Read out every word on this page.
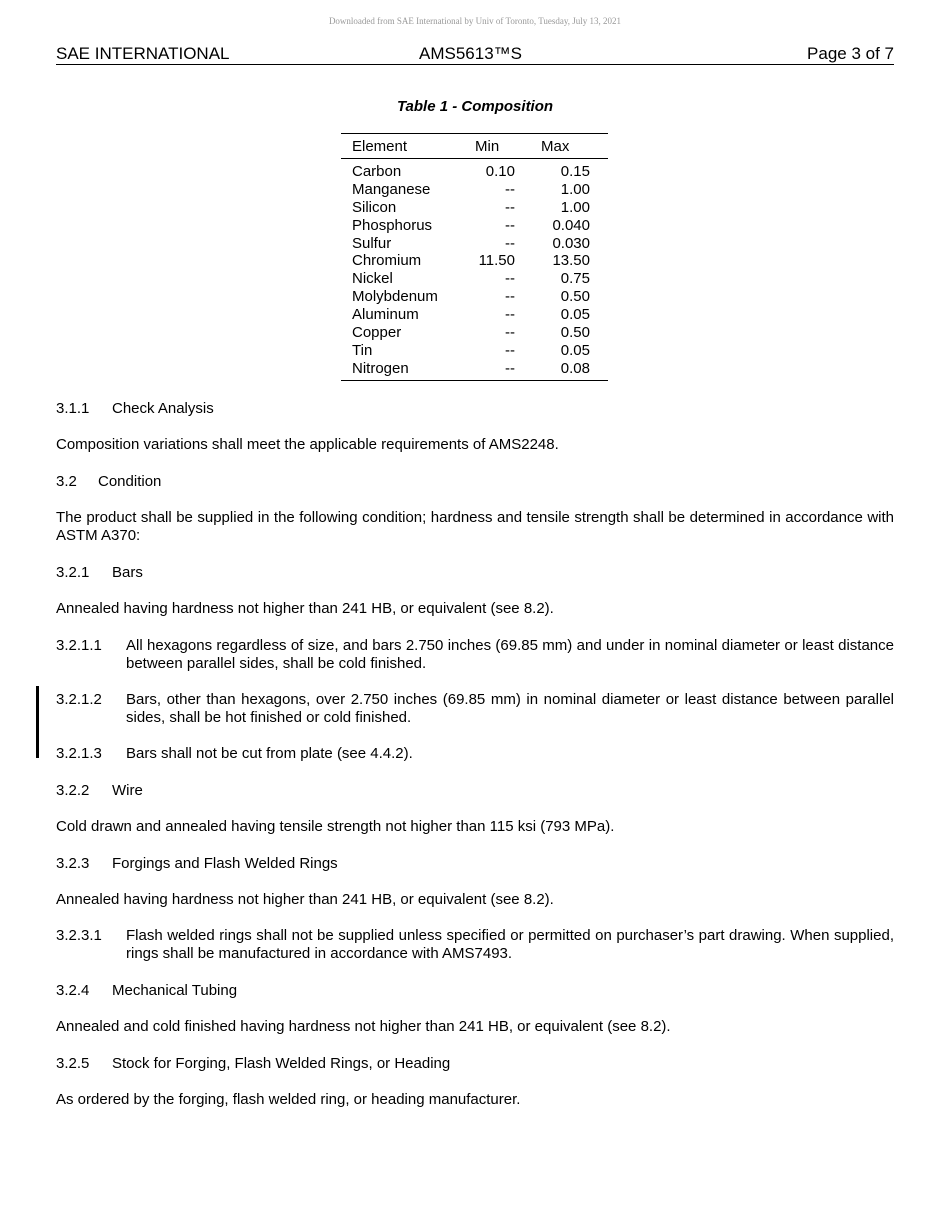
Downloaded from SAE International by Univ of Toronto, Tuesday, July 13, 2021
SAE INTERNATIONAL	AMS5613™S	Page 3 of 7
Table 1 - Composition
Element	Min	Max
Carbon	0.10	0.15
Manganese	--	1.00
Silicon	--	1.00
Phosphorus	--	0.040
Sulfur	--	0.030
Chromium	11.50	13.50
Nickel	--	0.75
Molybdenum	--	0.50
Aluminum	--	0.05
Copper	--	0.50
Tin	--	0.05
Nitrogen	--	0.08
3.1.1 Check Analysis
Composition variations shall meet the applicable requirements of AMS2248.
3.2 Condition
The product shall be supplied in the following condition; hardness and tensile strength shall be determined in accordance with ASTM A370:
3.2.1 Bars
Annealed having hardness not higher than 241 HB, or equivalent (see 8.2).
3.2.1.1 All hexagons regardless of size, and bars 2.750 inches (69.85 mm) and under in nominal diameter or least distance between parallel sides, shall be cold finished.
3.2.1.2 Bars, other than hexagons, over 2.750 inches (69.85 mm) in nominal diameter or least distance between parallel sides, shall be hot finished or cold finished.
3.2.1.3 Bars shall not be cut from plate (see 4.4.2).
3.2.2 Wire
Cold drawn and annealed having tensile strength not higher than 115 ksi (793 MPa).
3.2.3 Forgings and Flash Welded Rings
Annealed having hardness not higher than 241 HB, or equivalent (see 8.2).
3.2.3.1 Flash welded rings shall not be supplied unless specified or permitted on purchaser’s part drawing. When supplied, rings shall be manufactured in accordance with AMS7493.
3.2.4 Mechanical Tubing
Annealed and cold finished having hardness not higher than 241 HB, or equivalent (see 8.2).
3.2.5 Stock for Forging, Flash Welded Rings, or Heading
As ordered by the forging, flash welded ring, or heading manufacturer.
